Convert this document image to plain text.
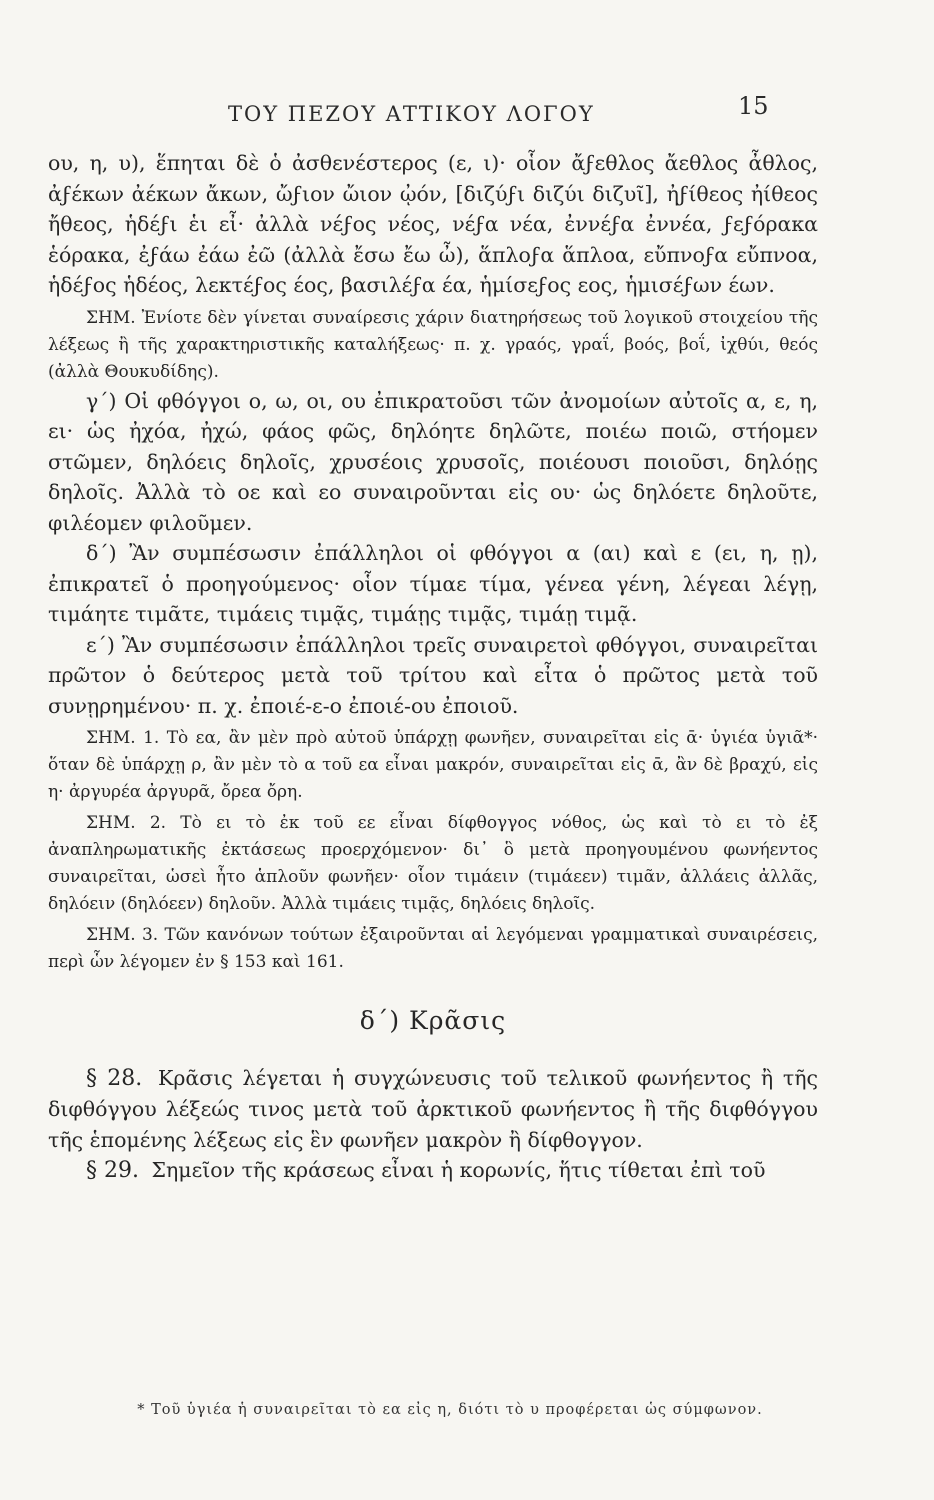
ΤΟΥ ΠΕΖΟΥ ΑΤΤΙΚΟΥ ΛΟΓΟΥ	15

ου, η, υ), ἕπηται δὲ ὁ ἀσθενέστερος (ε, ι)· οἷον ἄϝεθλος ἄεθλος ἆθλος, ἀϝέκων ἀέκων ἄκων, ὤϝιον ὤιον ᾠόν, [διζύϝι διζύι διζυῖ], ἠϝίθεος ἠίθεος ἤθεος, ἡδέϝι ἑι εἶ· ἀλλὰ νέϝος νέος, νέϝα νέα, ἐννέϝα ἐννέα, ϝεϝόρακα ἑόρακα, ἐϝάω ἐάω ἐῶ (ἀλλὰ ἔσω ἔω ὦ), ἅπλοϝα ἅπλοα, εὔπνοϝα εὔπνοα, ἡδέϝος ἡδέος, λεκτέϝος έος, βασιλέϝα έα, ἡμίσεϝος εος, ἡμισέϝων έων.

ΣΗΜ. Ἐνίοτε δὲν γίνεται συναίρεσις χάριν διατηρήσεως τοῦ λογικοῦ στοιχείου τῆς λέξεως ἢ τῆς χαρακτηριστικῆς καταλήξεως· π. χ. γραός, γραΐ, βοός, βοΐ, ἰχθύι, θεός (ἀλλὰ Θουκυδίδης).

γ΄) Οἱ φθόγγοι ο, ω, οι, ου ἐπικρατοῦσι τῶν ἀνομοίων αὐτοῖς α, ε, η, ει· ὡς ἠχόα, ἠχώ, φάος φῶς, δηλόητε δηλῶτε, ποιέω ποιῶ, στήομεν στῶμεν, δηλόεις δηλοῖς, χρυσέοις χρυσοῖς, ποιέουσι ποιοῦσι, δηλόῃς δηλοῖς. Ἀλλὰ τὸ οε καὶ εο συναιροῦνται εἰς ου· ὡς δηλόετε δηλοῦτε, φιλέομεν φιλοῦμεν.

δ΄) Ἂν συμπέσωσιν ἐπάλληλοι οἱ φθόγγοι α (αι) καὶ ε (ει, η, ῃ), ἐπικρατεῖ ὁ προηγούμενος· οἷον τίμαε τίμα, γένεα γένη, λέγεαι λέγῃ, τιμάητε τιμᾶτε, τιμάεις τιμᾷς, τιμάῃς τιμᾷς, τιμάῃ τιμᾷ.

ε΄) Ἂν συμπέσωσιν ἐπάλληλοι τρεῖς συναιρετοὶ φθόγγοι, συναιρεῖται πρῶτον ὁ δεύτερος μετὰ τοῦ τρίτου καὶ εἶτα ὁ πρῶτος μετὰ τοῦ συνῃρημένου· π. χ. ἐποιέ-ε-ο ἐποιέ-ου ἐποιοῦ.

ΣΗΜ. 1. Τὸ εα, ἂν μὲν πρὸ αὐτοῦ ὑπάρχῃ φωνῆεν, συναιρεῖται εἰς ᾱ· ὑγιέα ὑγιᾶ*· ὅταν δὲ ὑπάρχῃ ρ, ἂν μὲν τὸ α τοῦ εα εἶναι μακρόν, συναιρεῖται εἰς ᾱ, ἂν δὲ βραχύ, εἰς η· ἀργυρέα ἀργυρᾶ, ὄρεα ὄρη.

ΣΗΜ. 2. Τὸ ει τὸ ἐκ τοῦ εε εἶναι δίφθογγος νόθος, ὡς καὶ τὸ ει τὸ ἐξ ἀναπληρωματικῆς ἐκτάσεως προερχόμενον· δι᾽ ὃ μετὰ προηγουμένου φωνήεντος συναιρεῖται, ὡσεὶ ἦτο ἁπλοῦν φωνῆεν· οἷον τιμάειν (τιμάεεν) τιμᾶν, ἀλλάεις ἀλλᾶς, δηλόειν (δηλόεεν) δηλοῦν. Ἀλλὰ τιμάεις τιμᾷς, δηλόεις δηλοῖς.

ΣΗΜ. 3. Τῶν κανόνων τούτων ἐξαιροῦνται αἱ λεγόμεναι γραμματικαὶ συναιρέσεις, περὶ ὧν λέγομεν ἐν § 153 καὶ 161.

δ΄) Κρᾶσις

§ 28. Κρᾶσις λέγεται ἡ συγχώνευσις τοῦ τελικοῦ φωνήεντος ἢ τῆς διφθόγγου λέξεώς τινος μετὰ τοῦ ἀρκτικοῦ φωνήεντος ἢ τῆς διφθόγγου τῆς ἑπομένης λέξεως εἰς ἓν φωνῆεν μακρὸν ἢ δίφθογγον.

§ 29. Σημεῖον τῆς κράσεως εἶναι ἡ κορωνίς, ἥτις τίθεται ἐπὶ τοῦ

* Τοῦ ὑγιέα ἡ συναιρεῖται τὸ εα εἰς η, διότι τὸ υ προφέρεται ὡς σύμφωνον.
